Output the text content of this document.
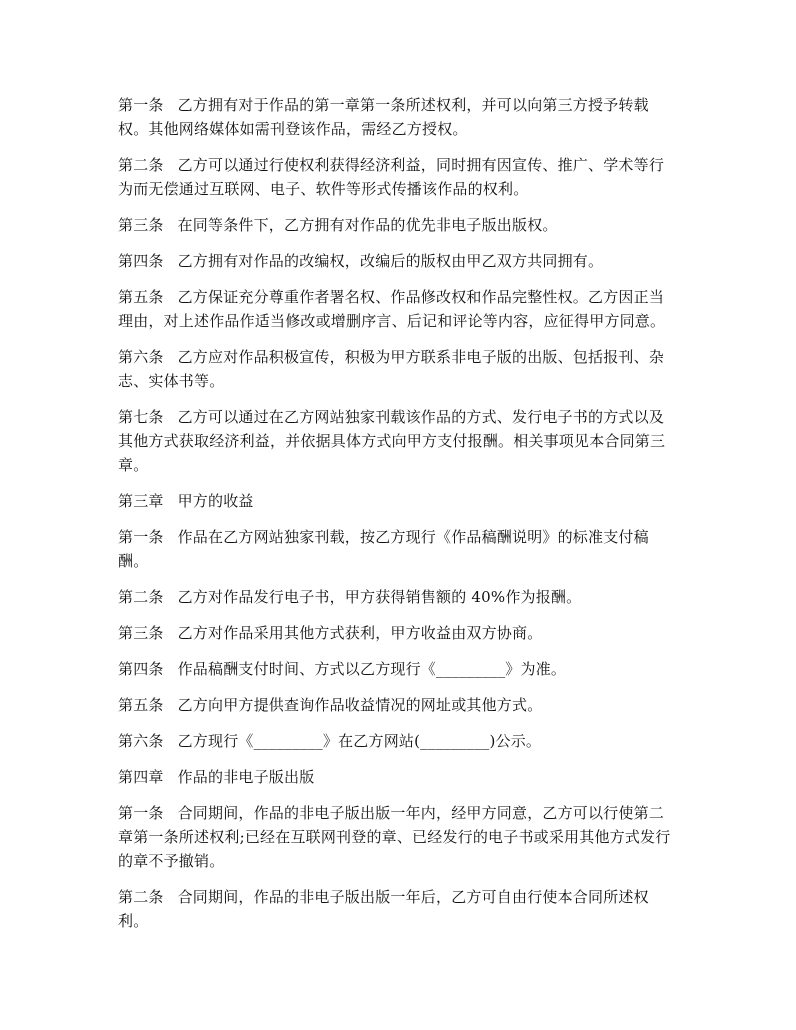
第一条 乙方拥有对于作品的第一章第一条所述权利，并可以向第三方授予转载权。其他网络媒体如需刊登该作品，需经乙方授权。

第二条 乙方可以通过行使权利获得经济利益，同时拥有因宣传、推广、学术等行为而无偿通过互联网、电子、软件等形式传播该作品的权利。

第三条 在同等条件下，乙方拥有对作品的优先非电子版出版权。

第四条 乙方拥有对作品的改编权，改编后的版权由甲乙双方共同拥有。

第五条 乙方保证充分尊重作者署名权、作品修改权和作品完整性权。乙方因正当理由，对上述作品作适当修改或增删序言、后记和评论等内容，应征得甲方同意。

第六条 乙方应对作品积极宣传，积极为甲方联系非电子版的出版、包括报刊、杂志、实体书等。

第七条 乙方可以通过在乙方网站独家刊载该作品的方式、发行电子书的方式以及其他方式获取经济利益，并依据具体方式向甲方支付报酬。相关事项见本合同第三章。

第三章 甲方的收益

第一条 作品在乙方网站独家刊载，按乙方现行《作品稿酬说明》的标准支付稿酬。

第二条 乙方对作品发行电子书，甲方获得销售额的 40%作为报酬。

第三条 乙方对作品采用其他方式获利，甲方收益由双方协商。

第四条 作品稿酬支付时间、方式以乙方现行《_________》为准。

第五条 乙方向甲方提供查询作品收益情况的网址或其他方式。

第六条 乙方现行《_________》在乙方网站(_________)公示。

第四章 作品的非电子版出版

第一条 合同期间，作品的非电子版出版一年内，经甲方同意，乙方可以行使第二章第一条所述权利;已经在互联网刊登的章、已经发行的电子书或采用其他方式发行的章不予撤销。

第二条 合同期间，作品的非电子版出版一年后，乙方可自由行使本合同所述权利。
